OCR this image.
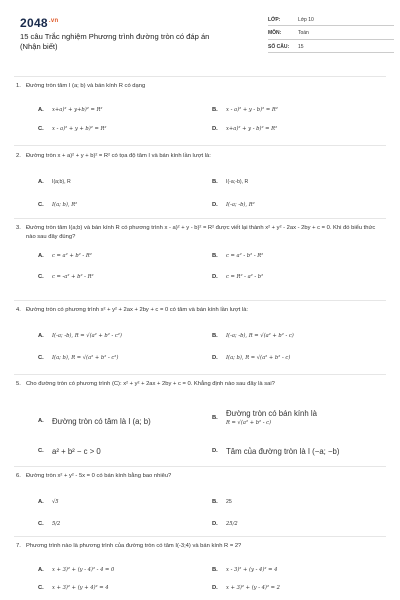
$2048^{.vn}$
15 câu Trắc nghiệm Phương trình đường tròn có đáp án (Nhận biết)
LỚP:	Lớp 10
MÔN:	Toán
SỐ CÂU:	15
1. Đường tròn tâm I (a; b) và bán kính R có dạng
A.	x+a)² + y+b)² = R²	B.	x - a)² + y - b)² = R²
C.	x - a)² + y + b)² = R²	D.	x+a)² + y - b)² = R²
2. Đường tròn x + a)² + y + b)² = R² có tọa độ tâm I và bán kính lần lượt là:
A.	I(a;b), R	B.	I(-a;-b), R
C.	I(a; b), R²	D.	I(-a; -b), R²
3. Đường tròn tâm I(a;b) và bán kính R có phương trình x - a)² + y - b)² = R² được viết lại thành x² + y² - 2ax - 2by + c = 0. Khi đó biểu thức nào sau đây đúng?
A.	c = a² + b² - R²	B.	c = a² - b² - R²
C.	c = -a² + b² - R²	D.	c = R² - a² - b²
4. Đường tròn có phương trình x² + y² + 2ax + 2by + c = 0 có tâm và bán kính lần lượt là:
A.	I(-a; -b), R = √(a² + b² - c²)	B.	I(-a; -b), R = √(a² + b² - c)
C.	I(a; b), R = √(a² + b² - c²)	D.	I(a; b), R = √(a² + b² - c)
5. Cho đường tròn có phương trình (C): x² + y² + 2ax + 2by + c = 0. Khẳng định nào sau đây là sai?
A.	Đường tròn có tâm là I (a; b)	B.	Đường tròn có bán kính là
R = √(a² + b² - c)
C.	a² + b² − c > 0	D.	Tâm của đường tròn là I (−a; −b)
6. Đường tròn x² + y² - 5x = 0 có bán kính bằng bao nhiêu?
A.	√5	B.	25
C.	5/2	D.	25/2
7. Phương trình nào là phương trình của đường tròn có tâm I(-3;4) và bán kính R = 2?
A.	x + 3)² + (y - 4)² - 4 = 0	B.	x - 3)² + (y - 4)² = 4
C.	x + 3)² + (y + 4)² = 4	D.	x + 3)² + (y - 4)² = 2
